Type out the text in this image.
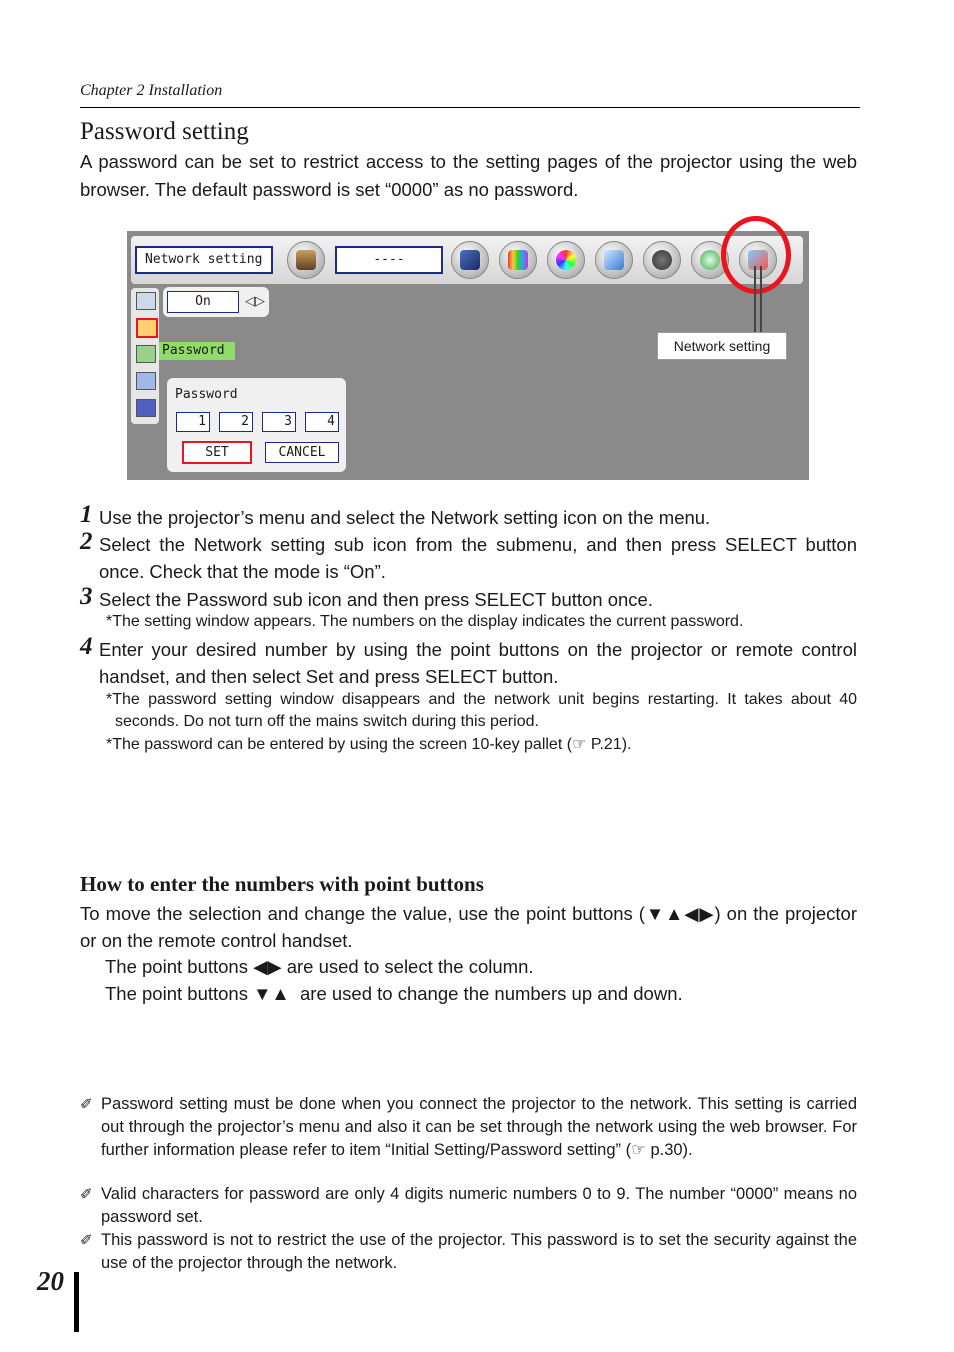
Chapter 2 Installation
Password setting
A password can be set to restrict access to the setting pages of the projector using the web browser. The default password is set “0000” as no password.
Network setting	----
On	◁▷
Password
Password
1	2	3	4
SET	CANCEL
Network setting
1 Use the projector’s menu and select the Network setting icon on the menu.
2 Select the Network setting sub icon from the submenu, and then press SELECT button once. Check that the mode is “On”.
3 Select the Password sub icon and then press SELECT button once.
*The setting window appears. The numbers on the display indicates the current password.
4 Enter your desired number by using the point buttons on the projector or remote control handset, and then select Set and press SELECT button.
*The password setting window disappears and the network unit begins restarting. It takes about 40 seconds. Do not turn off the mains switch during this period.
*The password can be entered by using the screen 10-key pallet (☞ P.21).
How to enter the numbers with point buttons
To move the selection and change the value, use the point buttons (▼▲◀▶) on the projector or on the remote control handset.
The point buttons ◀▶ are used to select the column.
The point buttons ▼▲ are used to change the numbers up and down.
✐ Password setting must be done when you connect the projector to the network. This setting is carried out through the projector’s menu and also it can be set through the network using the web browser. For further information please refer to item “Initial Setting/Password setting” (☞ p.30).
✐ Valid characters for password are only 4 digits numeric numbers 0 to 9. The number “0000” means no password set.
✐ This password is not to restrict the use of the projector. This password is to set the security against the use of the projector through the network.
20
